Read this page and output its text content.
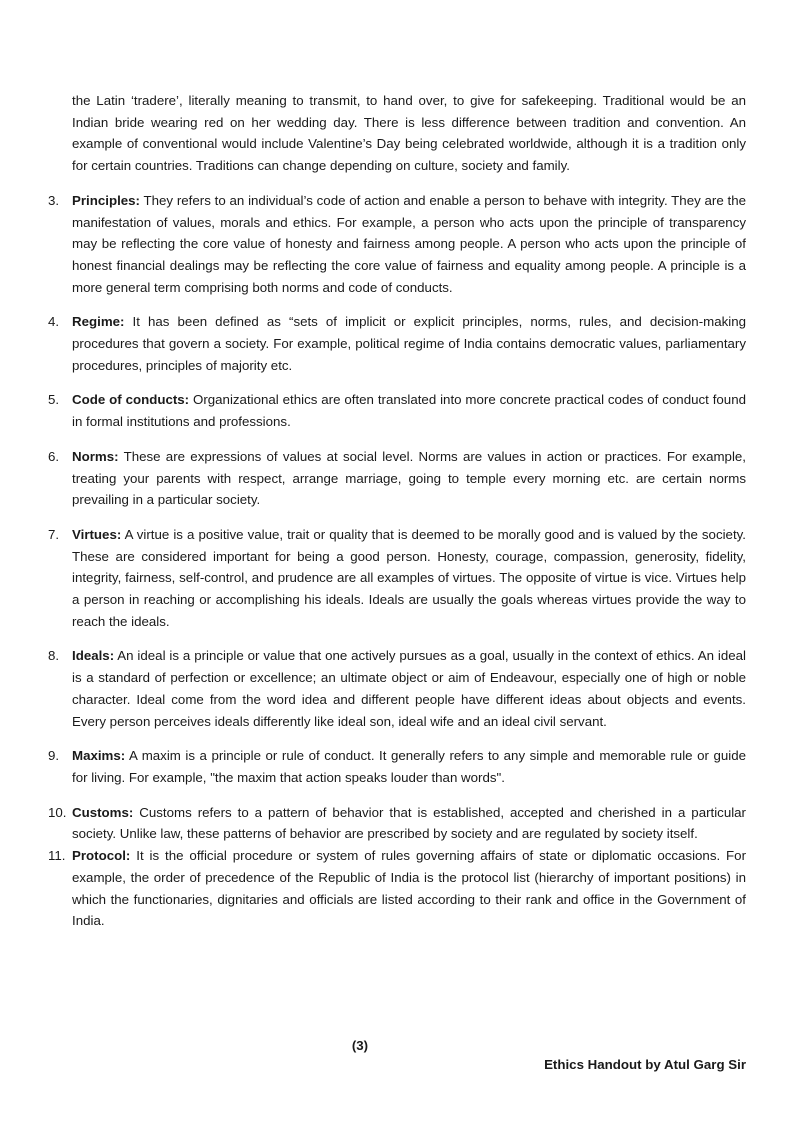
the Latin ‘tradere’, literally meaning to transmit, to hand over, to give for safekeeping. Traditional would be an Indian bride wearing red on her wedding day. There is less difference between tradition and convention. An example of conventional would include Valentine’s Day being celebrated worldwide, although it is a tradition only for certain countries. Traditions can change depending on culture, society and family.

3. Principles: They refers to an individual’s code of action and enable a person to behave with integrity. They are the manifestation of values, morals and ethics. For example, a person who acts upon the principle of transparency may be reflecting the core value of honesty and fairness among people. A person who acts upon the principle of honest financial dealings may be reflecting the core value of fairness and equality among people. A principle is a more general term comprising both norms and code of conducts.
4. Regime: It has been defined as “sets of implicit or explicit principles, norms, rules, and decision-making procedures that govern a society. For example, political regime of India contains democratic values, parliamentary procedures, principles of majority etc.
5. Code of conducts: Organizational ethics are often translated into more concrete practical codes of conduct found in formal institutions and professions.
6. Norms: These are expressions of values at social level. Norms are values in action or practices. For example, treating your parents with respect, arrange marriage, going to temple every morning etc. are certain norms prevailing in a particular society.
7. Virtues: A virtue is a positive value, trait or quality that is deemed to be morally good and is valued by the society. These are considered important for being a good person. Honesty, courage, compassion, generosity, fidelity, integrity, fairness, self-control, and prudence are all examples of virtues. The opposite of virtue is vice. Virtues help a person in reaching or accomplishing his ideals. Ideals are usually the goals whereas virtues provide the way to reach the ideals.
8. Ideals: An ideal is a principle or value that one actively pursues as a goal, usually in the context of ethics. An ideal is a standard of perfection or excellence; an ultimate object or aim of Endeavour, especially one of high or noble character. Ideal come from the word idea and different people have different ideas about objects and events. Every person perceives ideals differently like ideal son, ideal wife and an ideal civil servant.
9. Maxims: A maxim is a principle or rule of conduct. It generally refers to any simple and memorable rule or guide for living. For example, "the maxim that action speaks louder than words".
10. Customs: Customs refers to a pattern of behavior that is established, accepted and cherished in a particular society. Unlike law, these patterns of behavior are prescribed by society and are regulated by society itself.
11. Protocol: It is the official procedure or system of rules governing affairs of state or diplomatic occasions. For example, the order of precedence of the Republic of India is the protocol list (hierarchy of important positions) in which the functionaries, dignitaries and officials are listed according to their rank and office in the Government of India.
(3)
Ethics Handout by Atul Garg Sir
